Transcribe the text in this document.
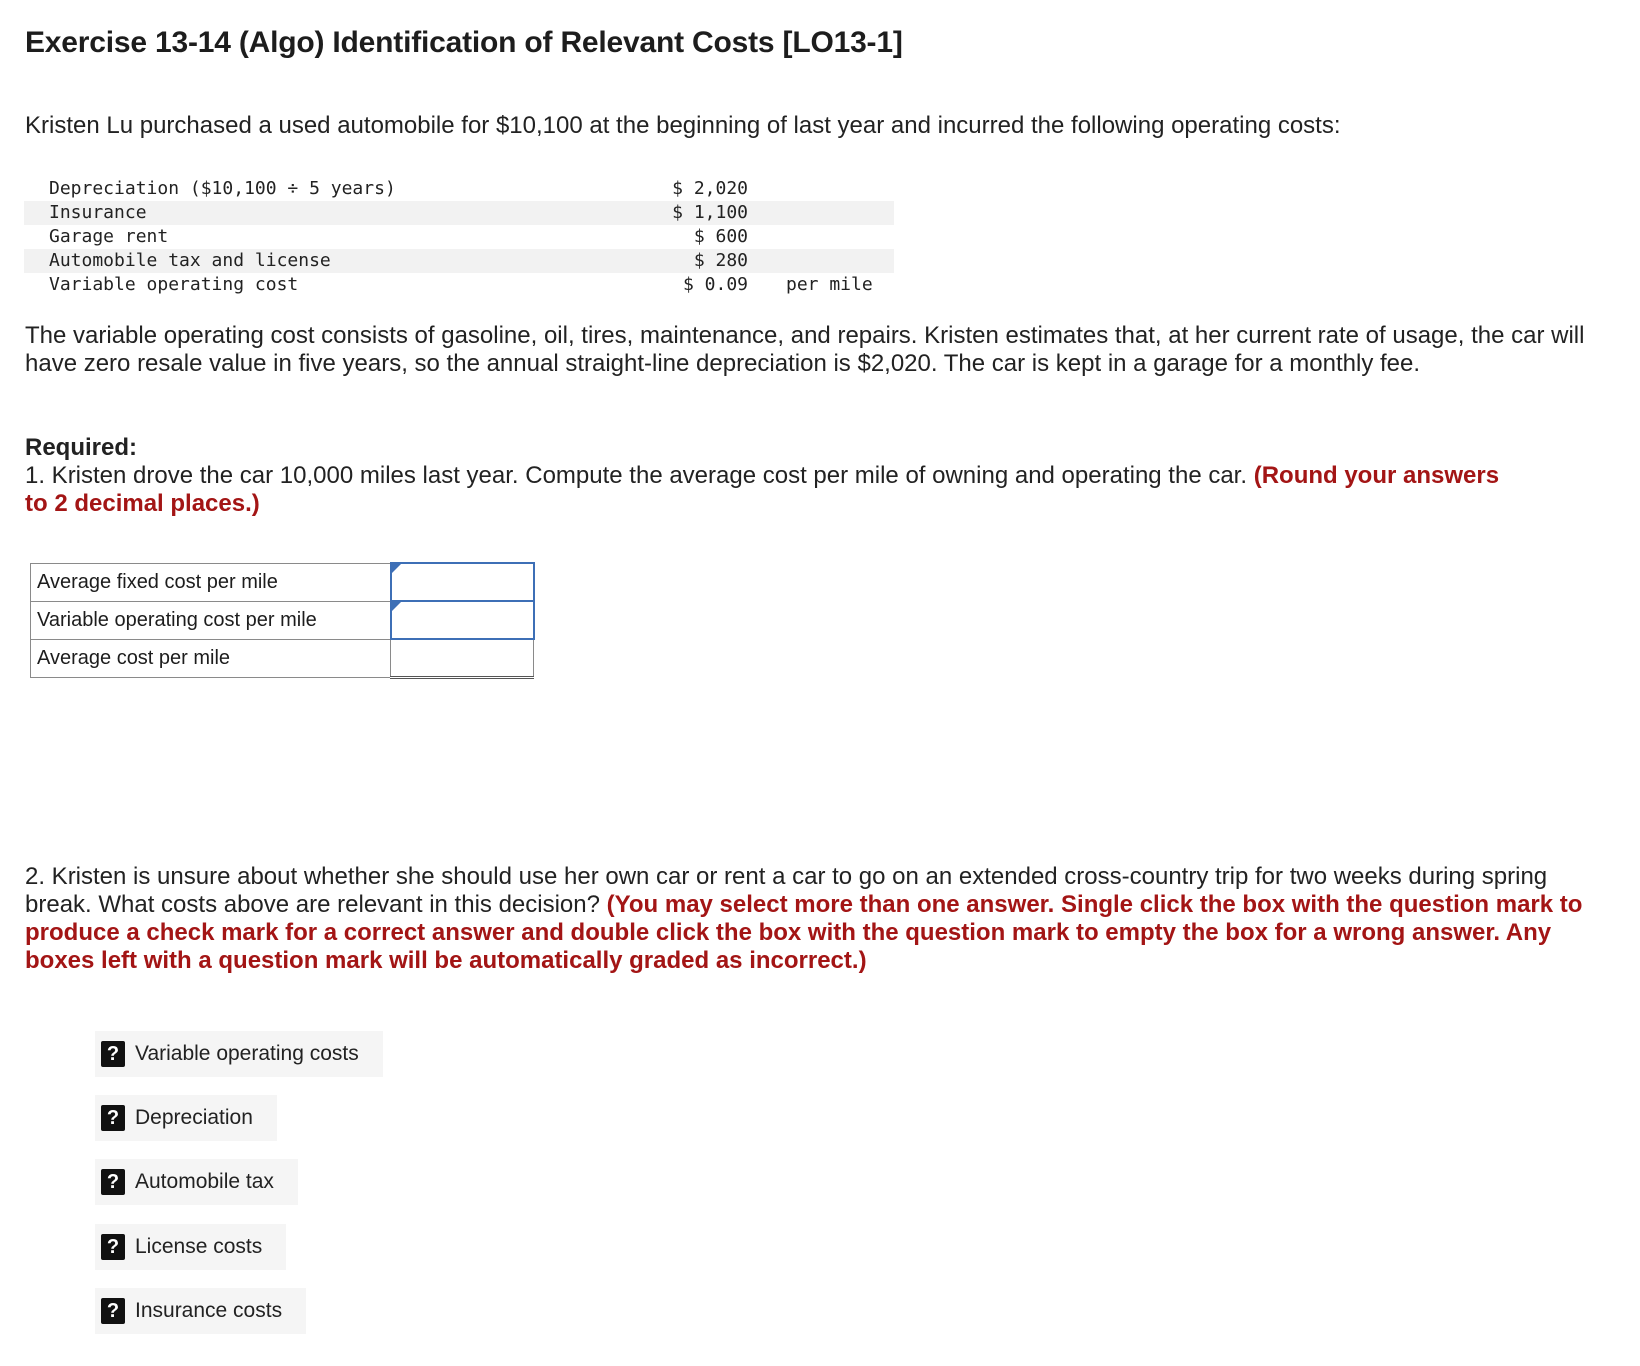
Exercise 13-14 (Algo) Identification of Relevant Costs [LO13-1]

Kristen Lu purchased a used automobile for $10,100 at the beginning of last year and incurred the following operating costs:

Depreciation ($10,100 ÷ 5 years)	$ 2,020
Insurance	$ 1,100
Garage rent	$ 600
Automobile tax and license	$ 280
Variable operating cost	$ 0.09 per mile

The variable operating cost consists of gasoline, oil, tires, maintenance, and repairs. Kristen estimates that, at her current rate of usage, the car will have zero resale value in five years, so the annual straight-line depreciation is $2,020. The car is kept in a garage for a monthly fee.

Required:

1. Kristen drove the car 10,000 miles last year. Compute the average cost per mile of owning and operating the car. (Round your answers to 2 decimal places.)

Average fixed cost per mile	
Variable operating cost per mile	
Average cost per mile	

2. Kristen is unsure about whether she should use her own car or rent a car to go on an extended cross-country trip for two weeks during spring break. What costs above are relevant in this decision? (You may select more than one answer. Single click the box with the question mark to produce a check mark for a correct answer and double click the box with the question mark to empty the box for a wrong answer. Any boxes left with a question mark will be automatically graded as incorrect.)

? Variable operating costs
? Depreciation
? Automobile tax
? License costs
? Insurance costs
